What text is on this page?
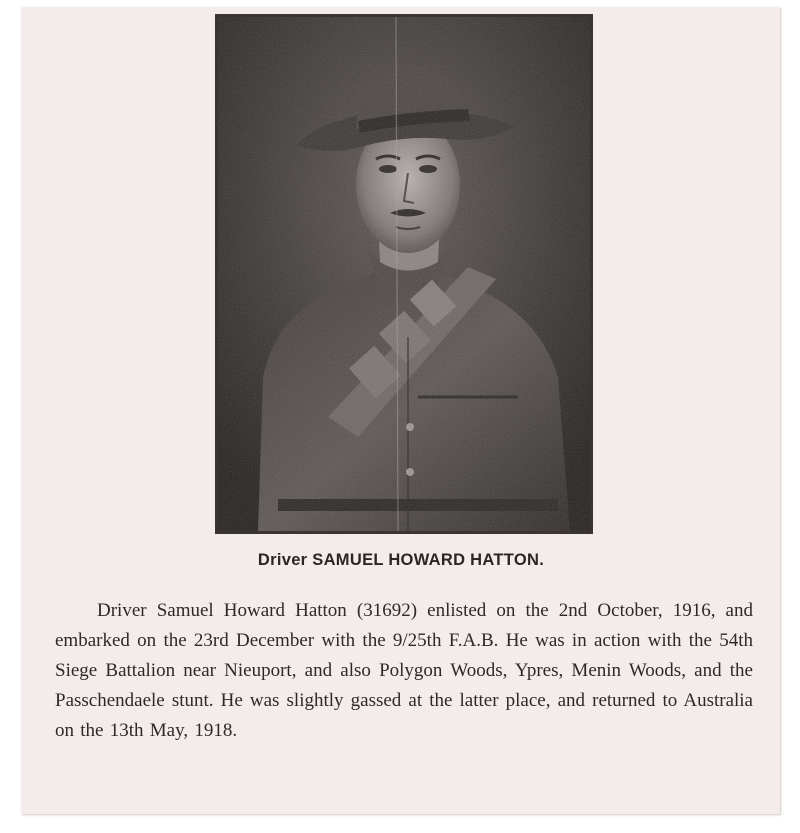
Driver SAMUEL HOWARD HATTON.
Driver Samuel Howard Hatton (31692) enlisted on the 2nd October, 1916, and embarked on the 23rd December with the 9/25th F.A.B. He was in action with the 54th Siege Battalion near Nieuport, and also Polygon Woods, Ypres, Menin Woods, and the Passchendaele stunt. He was slightly gassed at the latter place, and returned to Australia on the 13th May, 1918.
